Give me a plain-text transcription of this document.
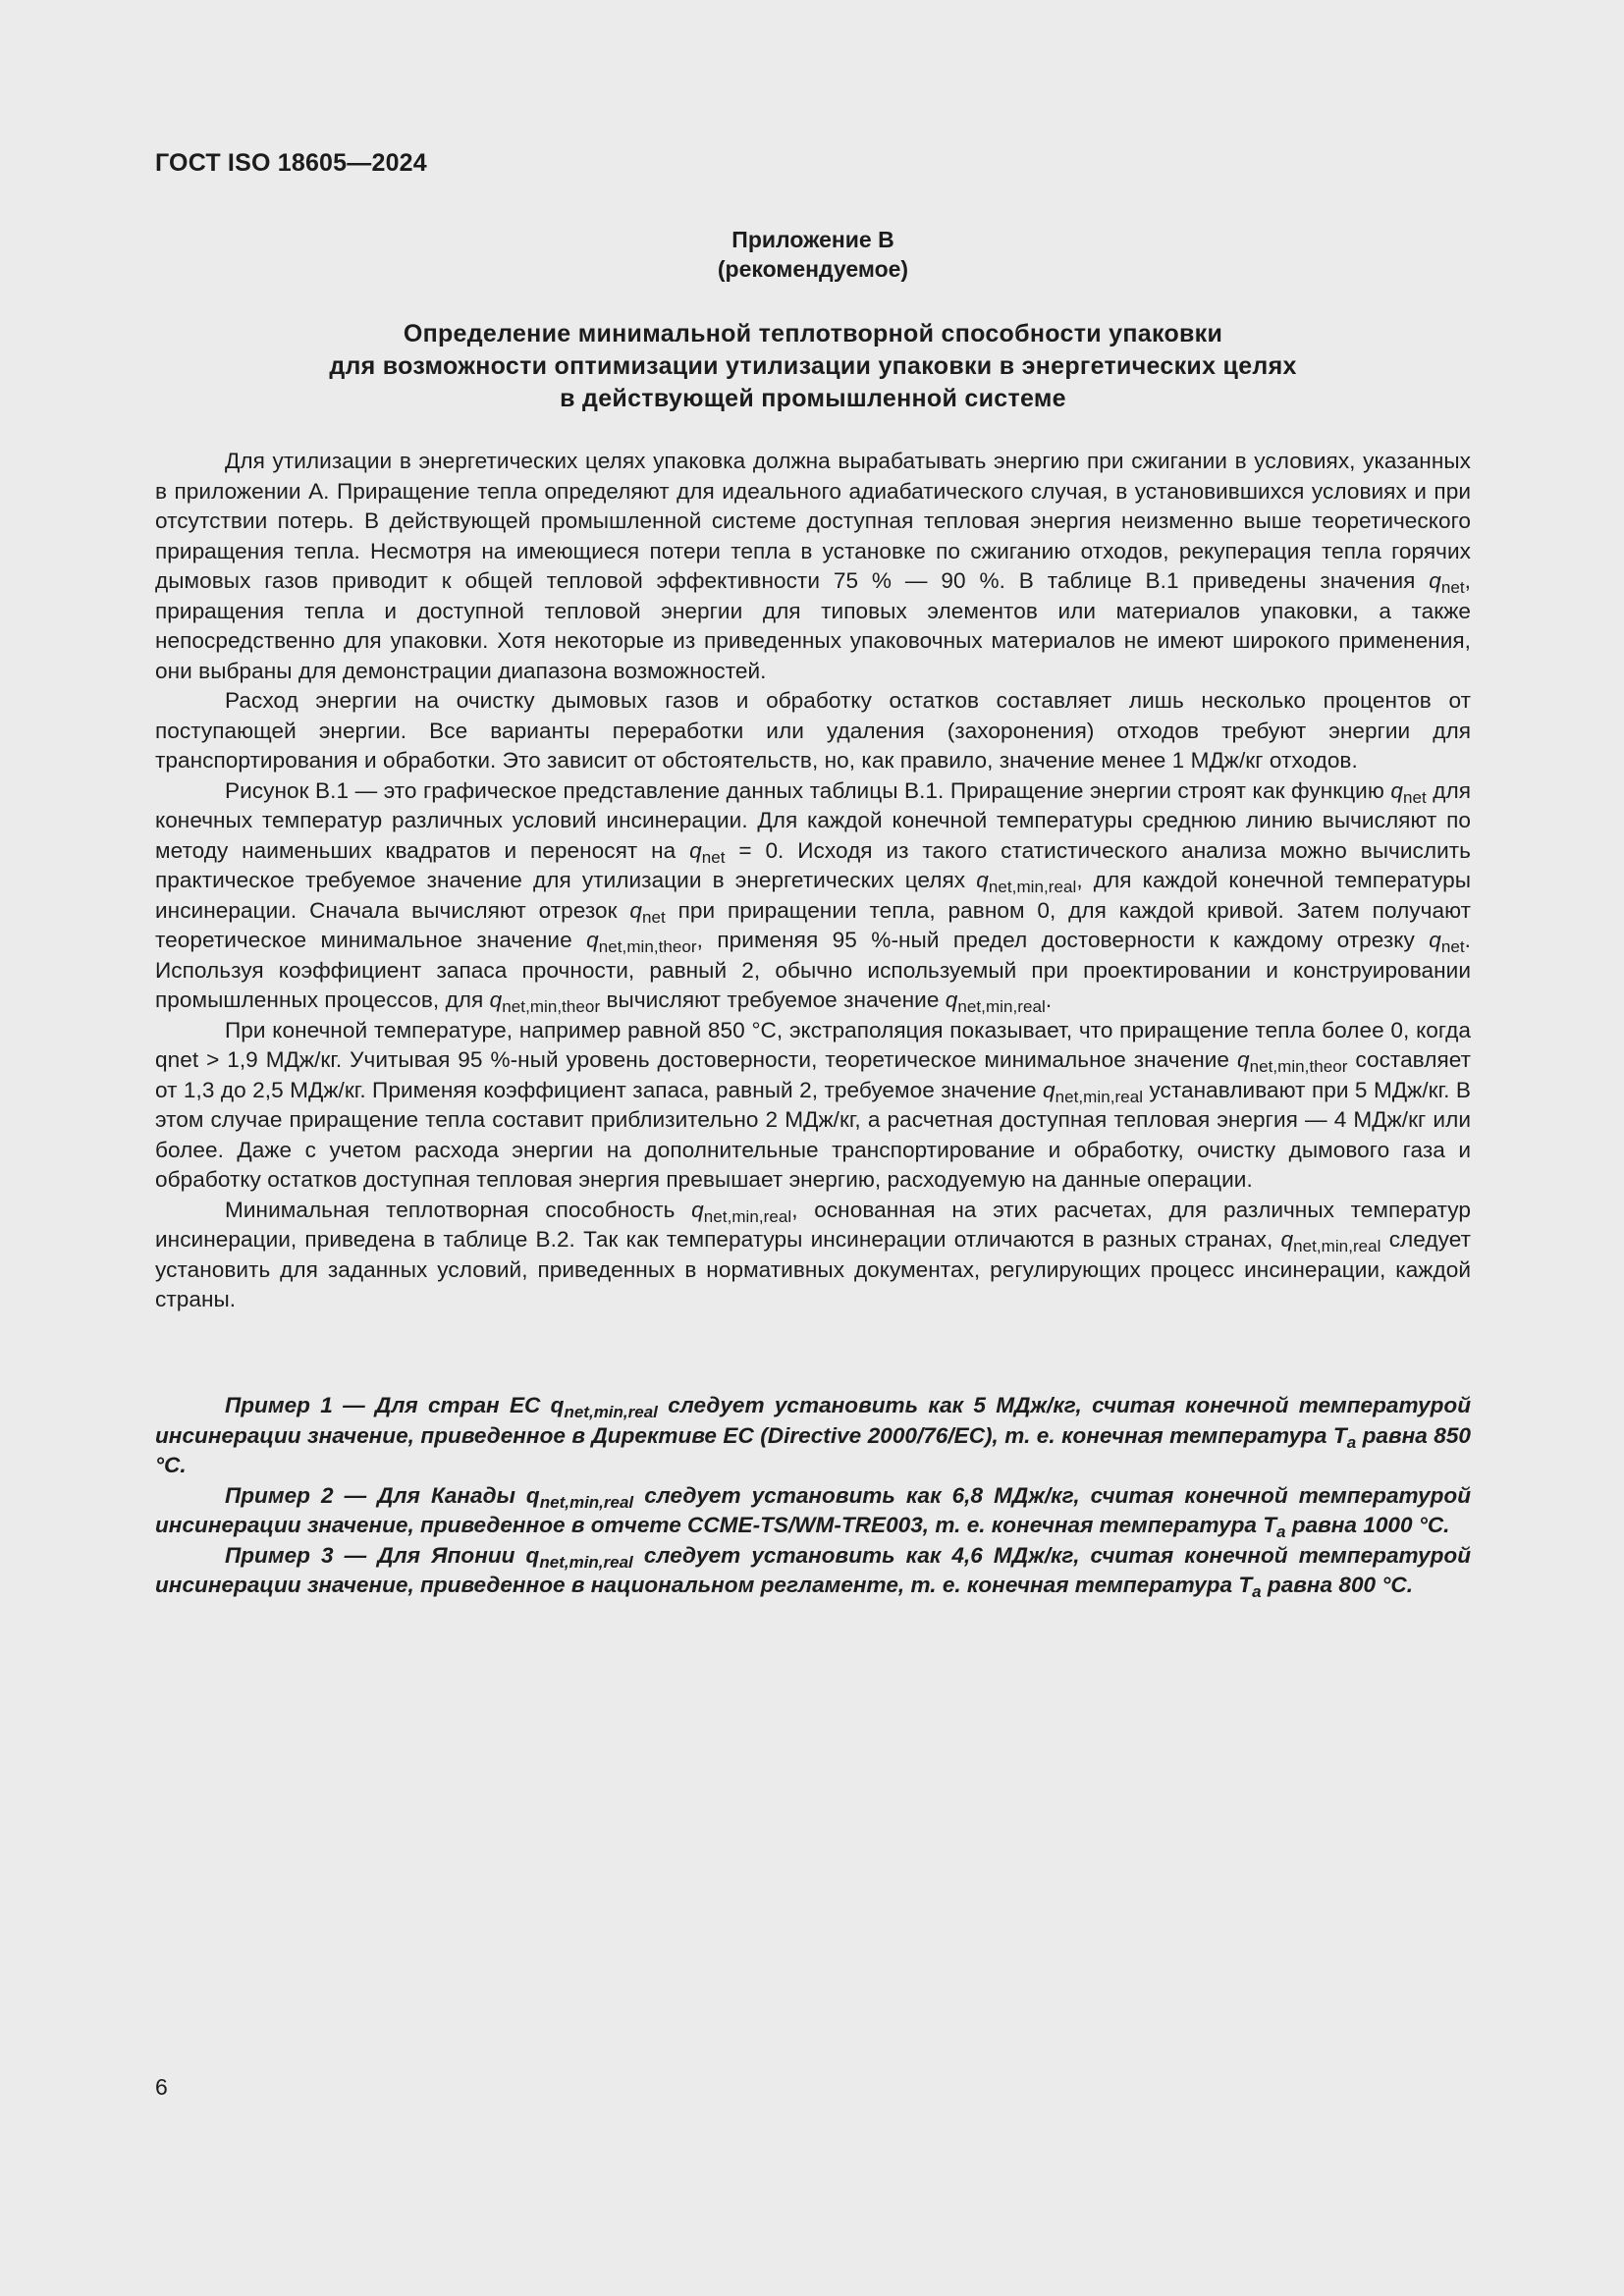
ГОСТ ISO 18605—2024
Приложение В
(рекомендуемое)
Определение минимальной теплотворной способности упаковки
для возможности оптимизации утилизации упаковки в энергетических целях
в действующей промышленной системе

Для утилизации в энергетических целях упаковка должна вырабатывать энергию при сжигании в условиях, указанных в приложении А. Приращение тепла определяют для идеального адиабатического случая, в установившихся условиях и при отсутствии потерь. В действующей промышленной системе доступная тепловая энергия неизменно выше теоретического приращения тепла. Несмотря на имеющиеся потери тепла в установке по сжиганию отходов, рекуперация тепла горячих дымовых газов приводит к общей тепловой эффективности 75 % — 90 %. В таблице В.1 приведены значения $q_{net}$, приращения тепла и доступной тепловой энергии для типовых элементов или материалов упаковки, а также непосредственно для упаковки. Хотя некоторые из приведенных упаковочных материалов не имеют широкого применения, они выбраны для демонстрации диапазона возможностей.

Расход энергии на очистку дымовых газов и обработку остатков составляет лишь несколько процентов от поступающей энергии. Все варианты переработки или удаления (захоронения) отходов требуют энергии для транспортирования и обработки. Это зависит от обстоятельств, но, как правило, значение менее 1 МДж/кг отходов.

Рисунок В.1 — это графическое представление данных таблицы В.1. Приращение энергии строят как функцию $q_{net}$ для конечных температур различных условий инсинерации. Для каждой конечной температуры среднюю линию вычисляют по методу наименьших квадратов и переносят на $q_{net} = 0$. Исходя из такого статистического анализа можно вычислить практическое требуемое значение для утилизации в энергетических целях $q_{net,min,real}$, для каждой конечной температуры инсинерации. Сначала вычисляют отрезок $q_{net}$ при приращении тепла, равном 0, для каждой кривой. Затем получают теоретическое минимальное значение $q_{net,min,theor}$, применяя 95 %-ный предел достоверности к каждому отрезку $q_{net}$. Используя коэффициент запаса прочности, равный 2, обычно используемый при проектировании и конструировании промышленных процессов, для $q_{net,min,theor}$ вычисляют требуемое значение $q_{net,min,real}$.

При конечной температуре, например равной 850 °С, экстраполяция показывает, что приращение тепла более 0, когда qnet > 1,9 МДж/кг. Учитывая 95 %-ный уровень достоверности, теоретическое минимальное значение $q_{net,min,theor}$ составляет от 1,3 до 2,5 МДж/кг. Применяя коэффициент запаса, равный 2, требуемое значение $q_{net,min,real}$ устанавливают при 5 МДж/кг. В этом случае приращение тепла составит приблизительно 2 МДж/кг, а расчетная доступная тепловая энергия — 4 МДж/кг или более. Даже с учетом расхода энергии на дополнительные транспортирование и обработку, очистку дымового газа и обработку остатков доступная тепловая энергия превышает энергию, расходуемую на данные операции.

Минимальная теплотворная способность $q_{net,min,real}$, основанная на этих расчетах, для различных температур инсинерации, приведена в таблице В.2. Так как температуры инсинерации отличаются в разных странах, $q_{net,min,real}$ следует установить для заданных условий, приведенных в нормативных документах, регулирующих процесс инсинерации, каждой страны.

Пример 1 — Для стран ЕС $q_{net,min,real}$ следует установить как 5 МДж/кг, считая конечной температурой инсинерации значение, приведенное в Директиве ЕС (Directive 2000/76/EC), т. е. конечная температура $T_a$ равна 850 °С.

Пример 2 — Для Канады $q_{net,min,real}$ следует установить как 6,8 МДж/кг, считая конечной температурой инсинерации значение, приведенное в отчете CCME-TS/WM-TRE003, т. е. конечная температура $T_a$ равна 1000 °С.

Пример 3 — Для Японии $q_{net,min,real}$ следует установить как 4,6 МДж/кг, считая конечной температурой инсинерации значение, приведенное в национальном регламенте, т. е. конечная температура $T_a$ равна 800 °С.

6
